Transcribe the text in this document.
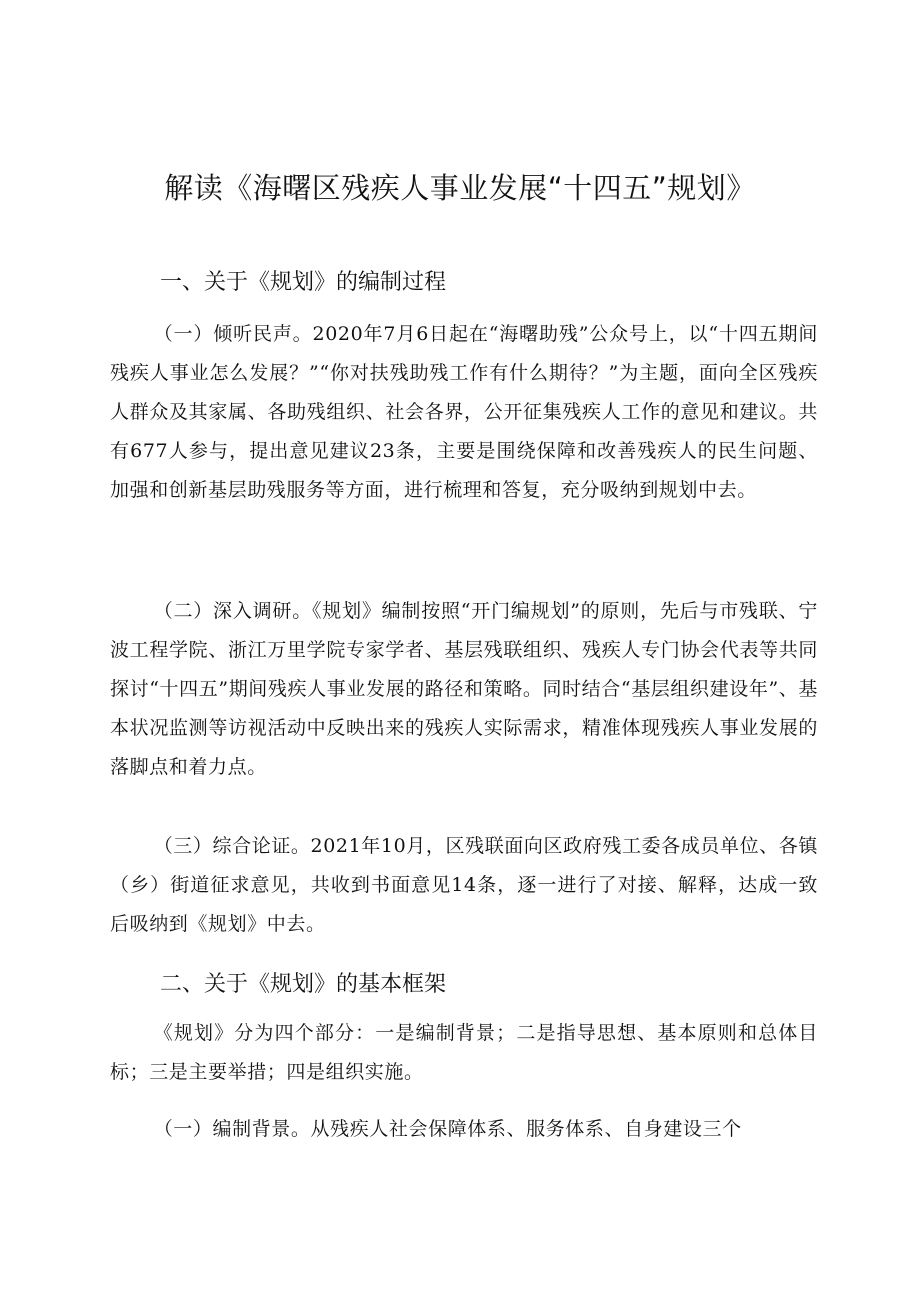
解读《海曙区残疾人事业发展“十四五”规划》
一、关于《规划》的编制过程

（一）倾听民声。2020年7月6日起在“海曙助残”公众号上，以“十四五期间残疾人事业怎么发展？”“你对扶残助残工作有什么期待？”为主题，面向全区残疾人群众及其家属、各助残组织、社会各界，公开征集残疾人工作的意见和建议。共有677人参与，提出意见建议23条，主要是围绕保障和改善残疾人的民生问题、加强和创新基层助残服务等方面，进行梳理和答复，充分吸纳到规划中去。

（二）深入调研。《规划》编制按照“开门编规划”的原则，先后与市残联、宁波工程学院、浙江万里学院专家学者、基层残联组织、残疾人专门协会代表等共同探讨“十四五”期间残疾人事业发展的路径和策略。同时结合“基层组织建设年”、基本状况监测等访视活动中反映出来的残疾人实际需求，精准体现残疾人事业发展的落脚点和着力点。

（三）综合论证。2021年10月，区残联面向区政府残工委各成员单位、各镇（乡）街道征求意见，共收到书面意见14条，逐一进行了对接、解释，达成一致后吸纳到《规划》中去。

二、关于《规划》的基本框架

《规划》分为四个部分：一是编制背景；二是指导思想、基本原则和总体目标；三是主要举措；四是组织实施。

（一）编制背景。从残疾人社会保障体系、服务体系、自身建设三个
